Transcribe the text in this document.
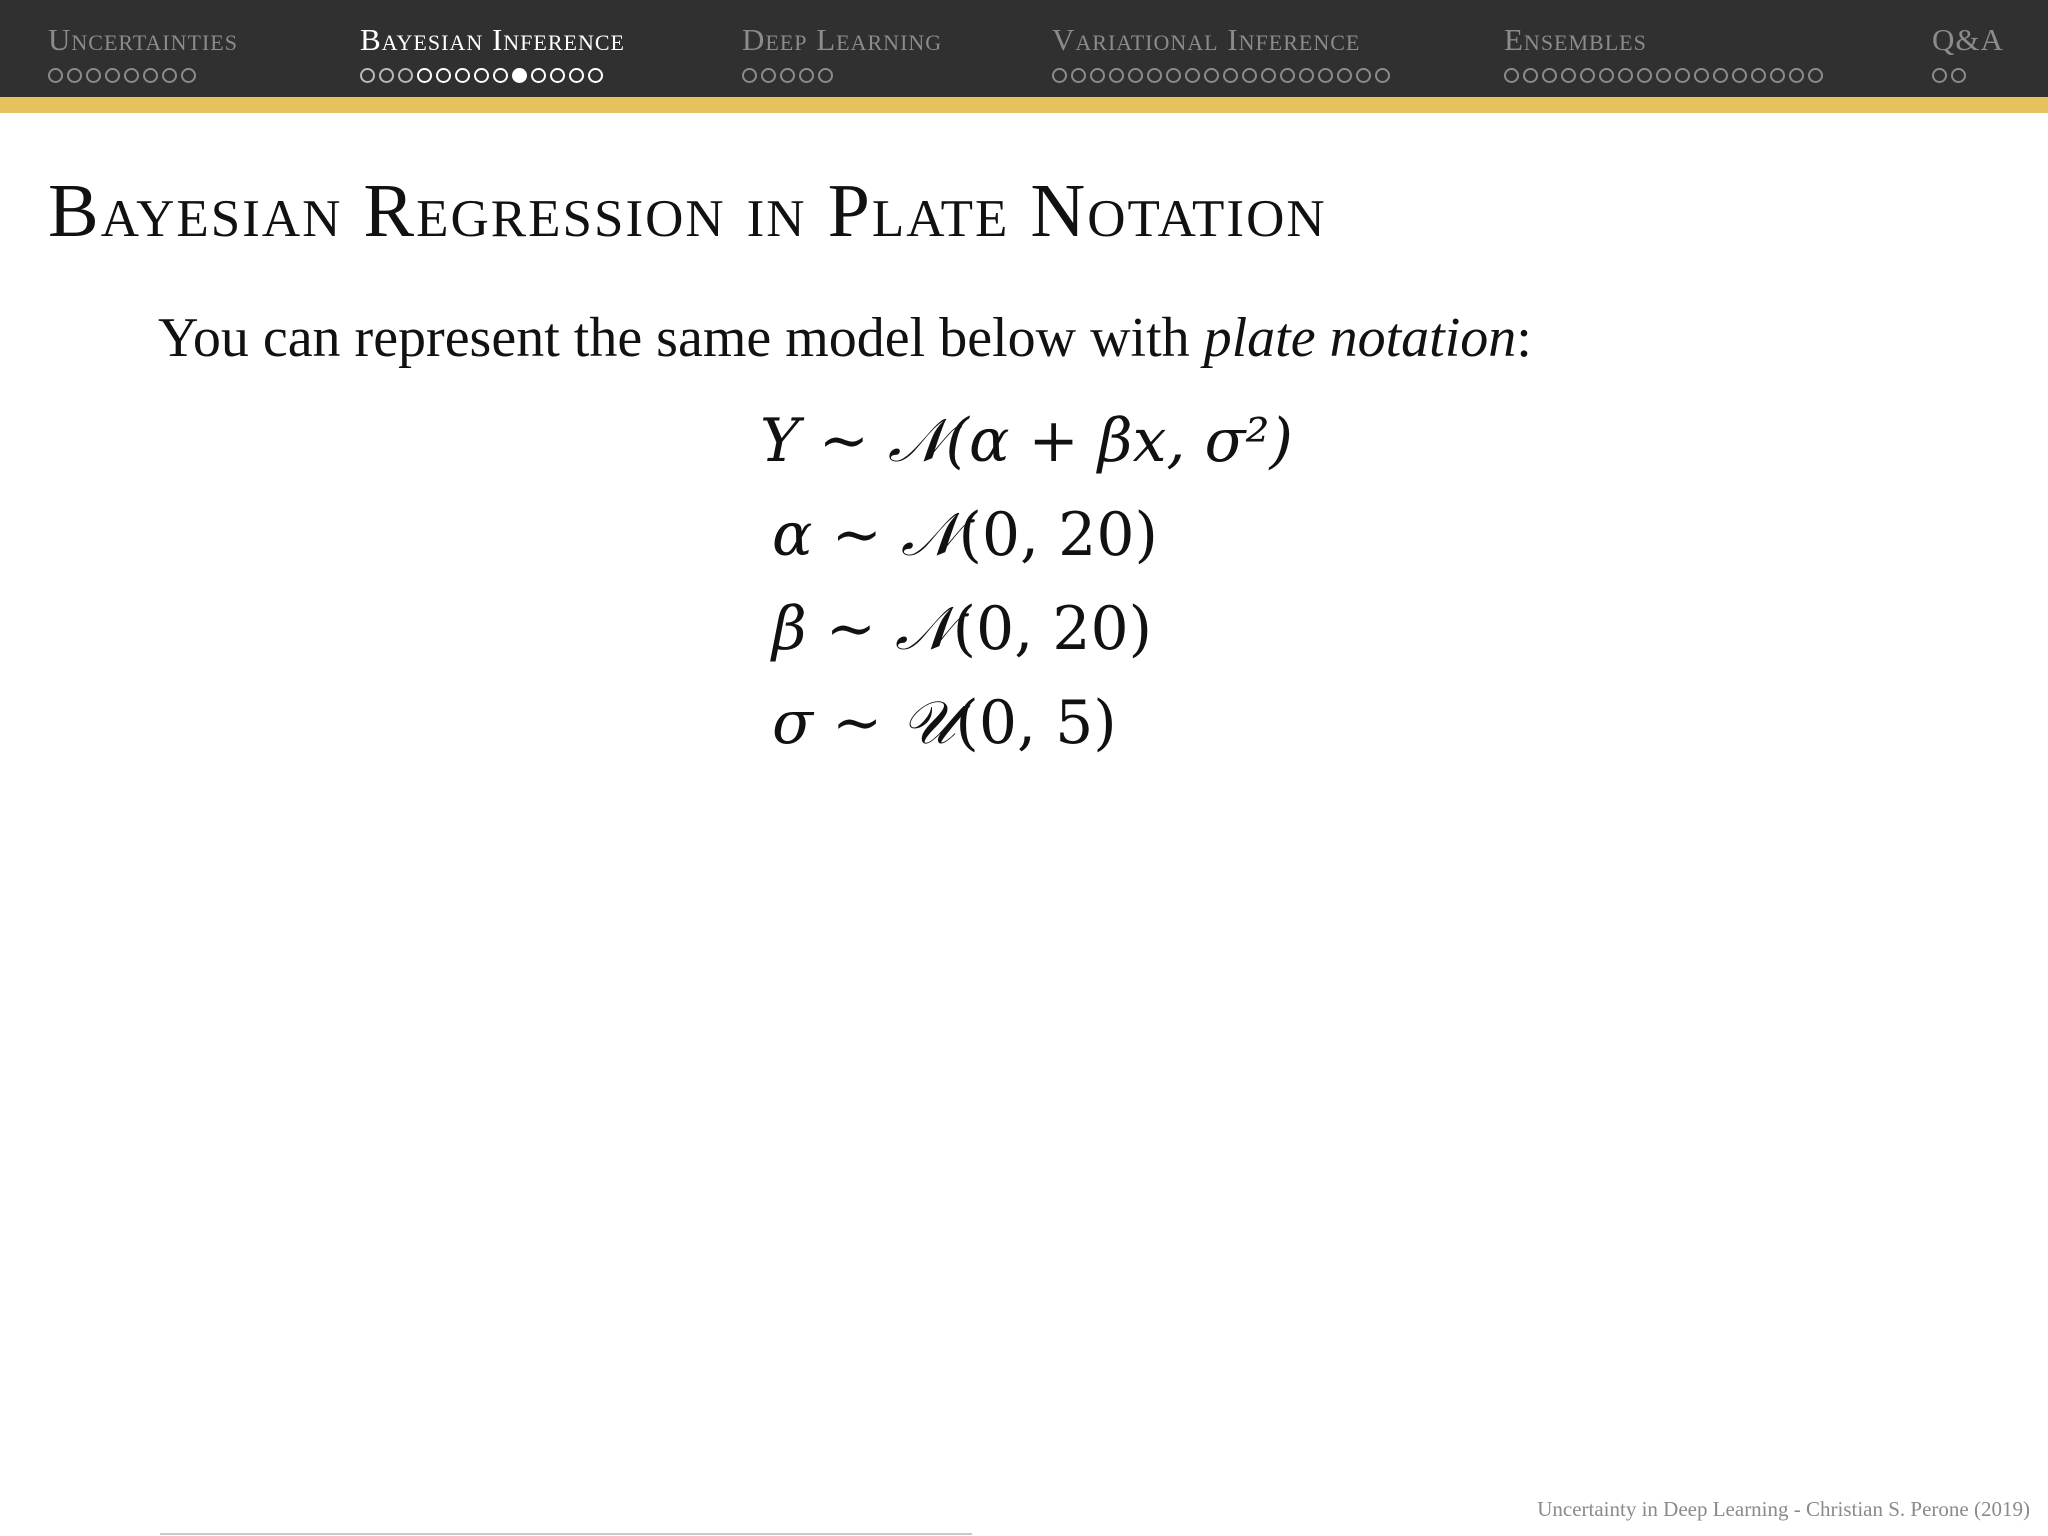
Uncertainties	Bayesian Inference	Deep Learning	Variational Inference	Ensembles	Q&A
Bayesian Regression in Plate Notation
You can represent the same model below with plate notation:
Y ∼ 𝒩(α + βx, σ²)
α ∼ 𝒩(0, 20)
β ∼ 𝒩(0, 20)
σ ∼ 𝒰(0, 5)
Uncertainty in Deep Learning - Christian S. Perone (2019)
